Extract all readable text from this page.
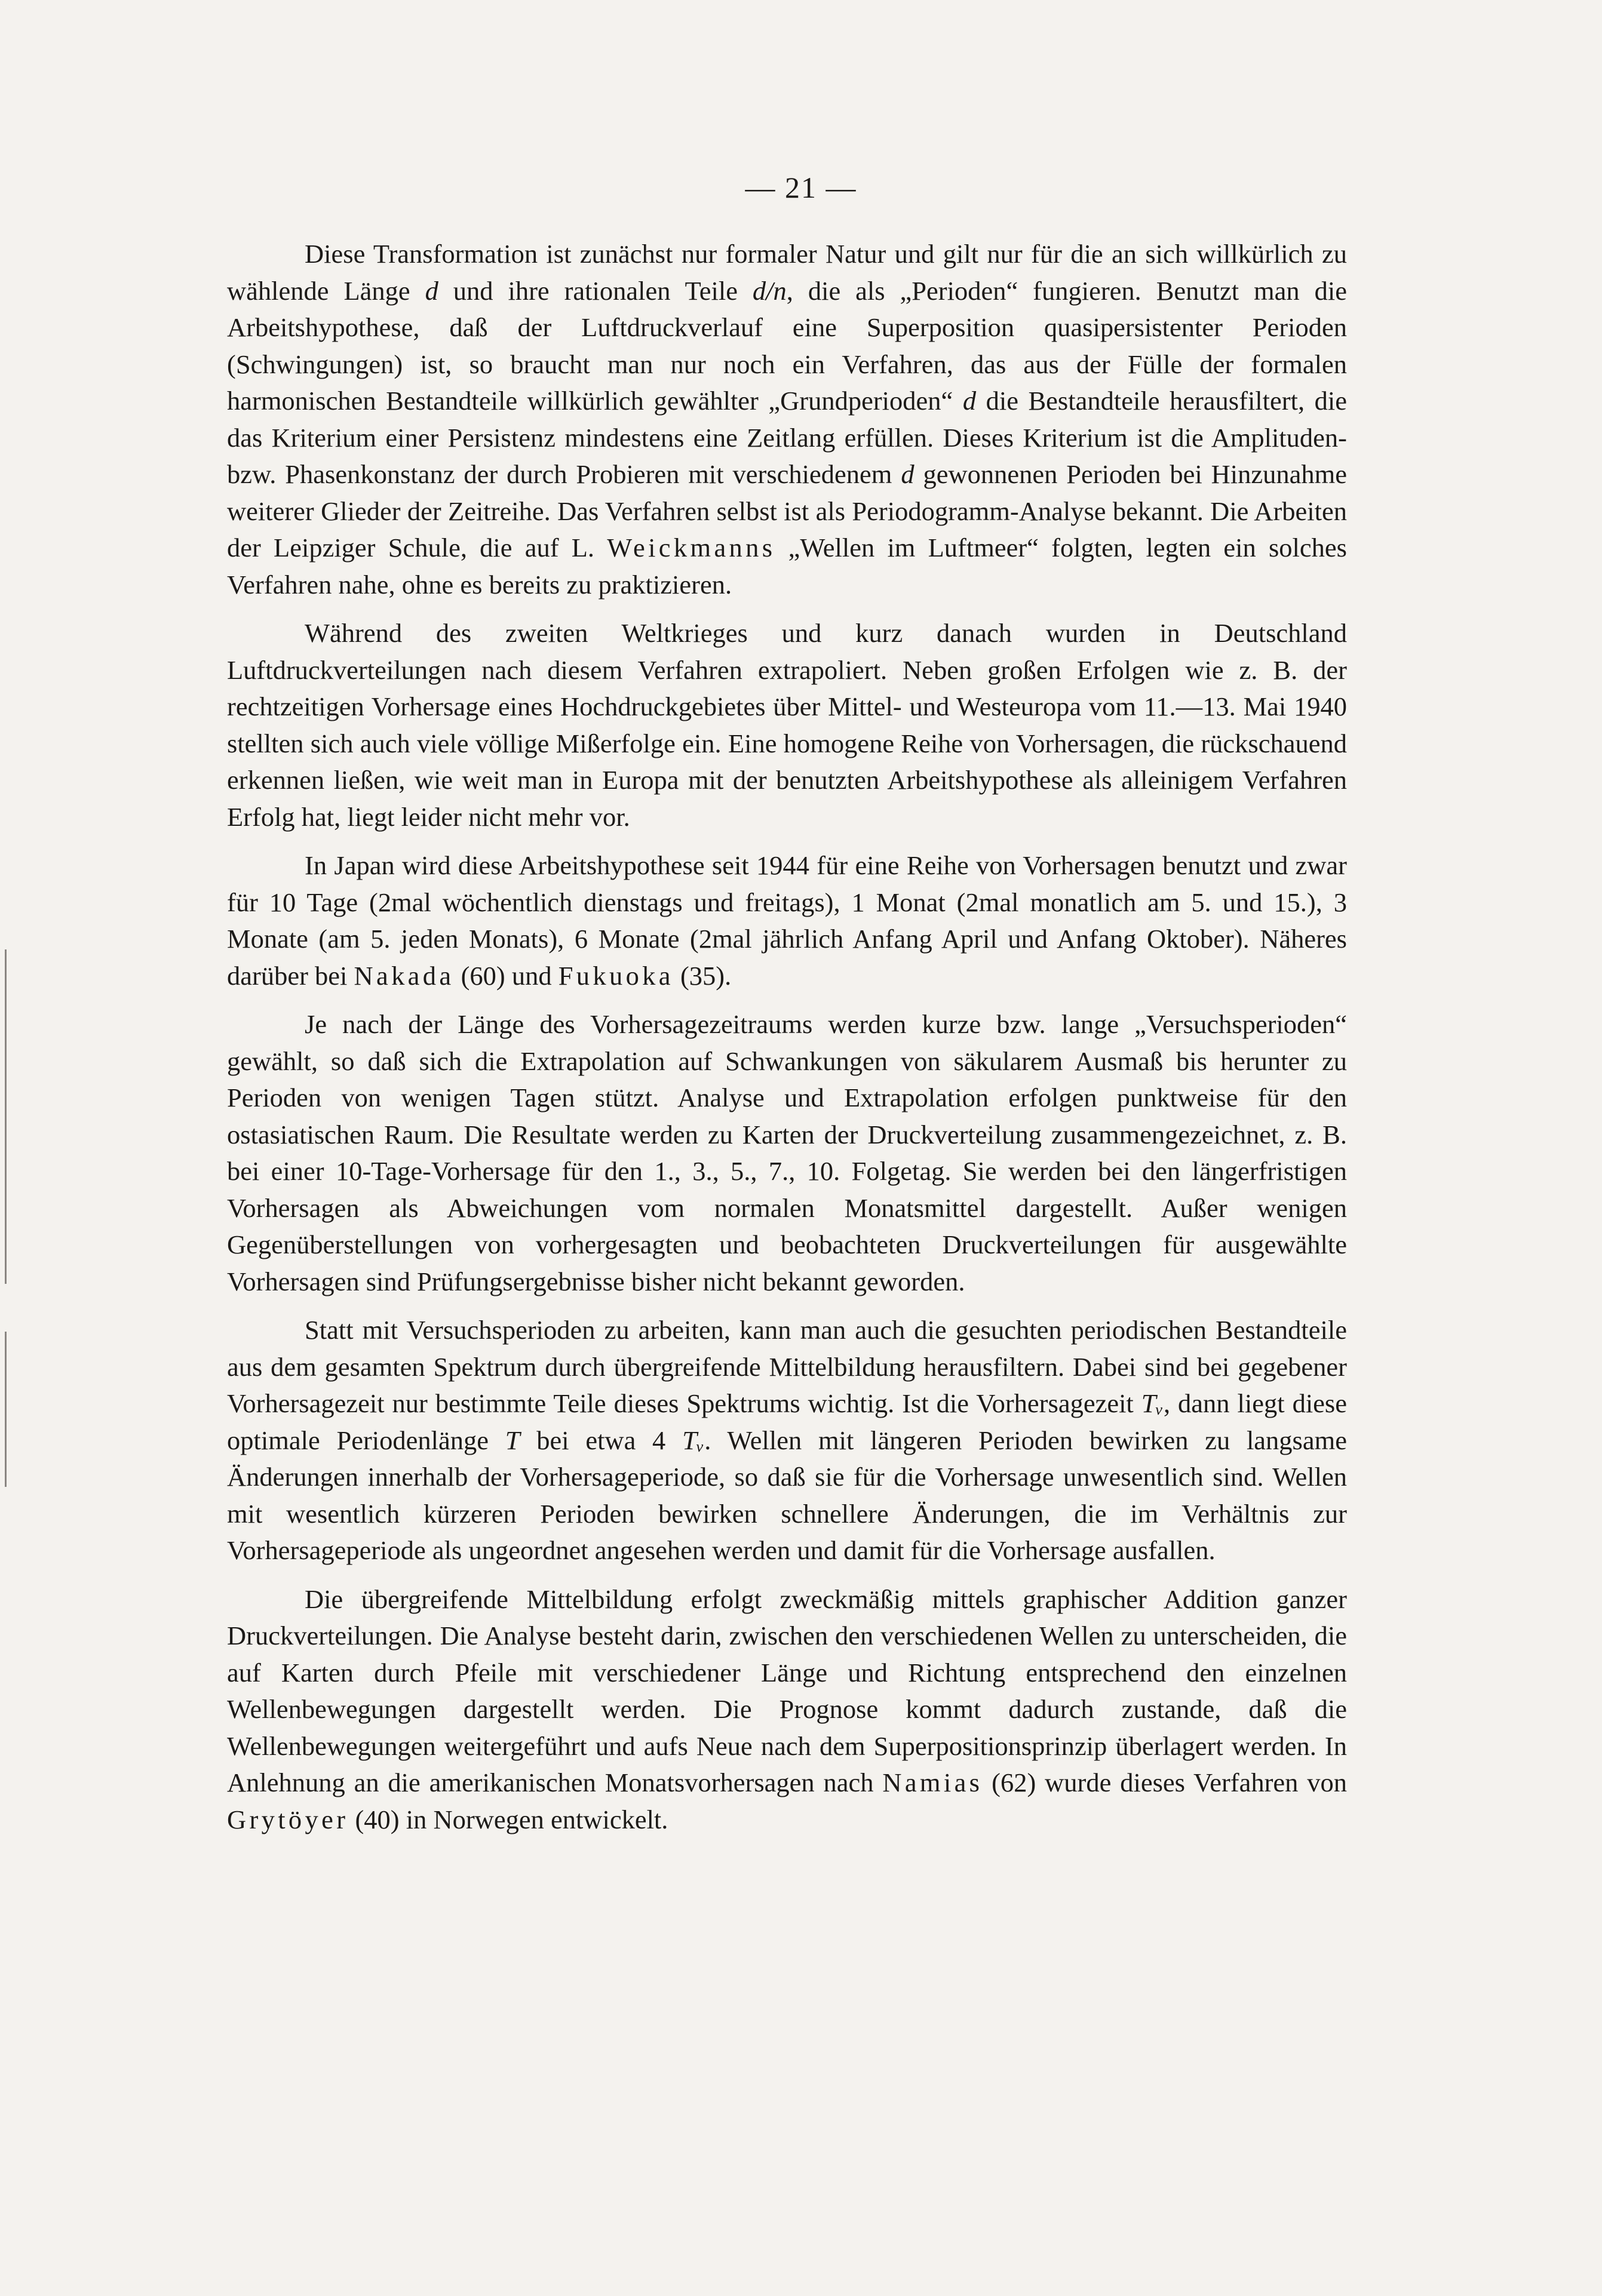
— 21 —

Diese Transformation ist zunächst nur formaler Natur und gilt nur für die an sich willkürlich zu wählende Länge d und ihre rationalen Teile d/n, die als „Perioden“ fungieren. Benutzt man die Arbeitshypothese, daß der Luftdruckverlauf eine Superposition quasipersistenter Perioden (Schwingungen) ist, so braucht man nur noch ein Verfahren, das aus der Fülle der formalen harmonischen Bestandteile willkürlich gewählter „Grundperioden“ d die Bestandteile herausfiltert, die das Kriterium einer Persistenz mindestens eine Zeitlang erfüllen. Dieses Kriterium ist die Amplituden- bzw. Phasenkonstanz der durch Probieren mit verschiedenem d gewonnenen Perioden bei Hinzunahme weiterer Glieder der Zeitreihe. Das Verfahren selbst ist als Periodogramm-Analyse bekannt. Die Arbeiten der Leipziger Schule, die auf L. Weickmanns „Wellen im Luftmeer“ folgten, legten ein solches Verfahren nahe, ohne es bereits zu praktizieren.

Während des zweiten Weltkrieges und kurz danach wurden in Deutschland Luftdruckverteilungen nach diesem Verfahren extrapoliert. Neben großen Erfolgen wie z. B. der rechtzeitigen Vorhersage eines Hochdruckgebietes über Mittel- und Westeuropa vom 11.—13. Mai 1940 stellten sich auch viele völlige Mißerfolge ein. Eine homogene Reihe von Vorhersagen, die rückschauend erkennen ließen, wie weit man in Europa mit der benutzten Arbeitshypothese als alleinigem Verfahren Erfolg hat, liegt leider nicht mehr vor.

In Japan wird diese Arbeitshypothese seit 1944 für eine Reihe von Vorhersagen benutzt und zwar für 10 Tage (2mal wöchentlich dienstags und freitags), 1 Monat (2mal monatlich am 5. und 15.), 3 Monate (am 5. jeden Monats), 6 Monate (2mal jährlich Anfang April und Anfang Oktober). Näheres darüber bei Nakada (60) und Fukuoka (35).

Je nach der Länge des Vorhersagezeitraums werden kurze bzw. lange „Versuchsperioden“ gewählt, so daß sich die Extrapolation auf Schwankungen von säkularem Ausmaß bis herunter zu Perioden von wenigen Tagen stützt. Analyse und Extrapolation erfolgen punktweise für den ostasiatischen Raum. Die Resultate werden zu Karten der Druckverteilung zusammengezeichnet, z. B. bei einer 10-Tage-Vorhersage für den 1., 3., 5., 7., 10. Folgetag. Sie werden bei den längerfristigen Vorhersagen als Abweichungen vom normalen Monatsmittel dargestellt. Außer wenigen Gegenüberstellungen von vorhergesagten und beobachteten Druckverteilungen für ausgewählte Vorhersagen sind Prüfungsergebnisse bisher nicht bekannt geworden.

Statt mit Versuchsperioden zu arbeiten, kann man auch die gesuchten periodischen Bestandteile aus dem gesamten Spektrum durch übergreifende Mittelbildung herausfiltern. Dabei sind bei gegebener Vorhersagezeit nur bestimmte Teile dieses Spektrums wichtig. Ist die Vorhersagezeit Tᵥ, dann liegt diese optimale Periodenlänge T bei etwa 4 Tᵥ. Wellen mit längeren Perioden bewirken zu langsame Änderungen innerhalb der Vorhersageperiode, so daß sie für die Vorhersage unwesentlich sind. Wellen mit wesentlich kürzeren Perioden bewirken schnellere Änderungen, die im Verhältnis zur Vorhersageperiode als ungeordnet angesehen werden und damit für die Vorhersage ausfallen.

Die übergreifende Mittelbildung erfolgt zweckmäßig mittels graphischer Addition ganzer Druckverteilungen. Die Analyse besteht darin, zwischen den verschiedenen Wellen zu unterscheiden, die auf Karten durch Pfeile mit verschiedener Länge und Richtung entsprechend den einzelnen Wellenbewegungen dargestellt werden. Die Prognose kommt dadurch zustande, daß die Wellenbewegungen weitergeführt und aufs Neue nach dem Superpositionsprinzip überlagert werden. In Anlehnung an die amerikanischen Monatsvorhersagen nach Namias (62) wurde dieses Verfahren von Grytöyer (40) in Norwegen entwickelt.
